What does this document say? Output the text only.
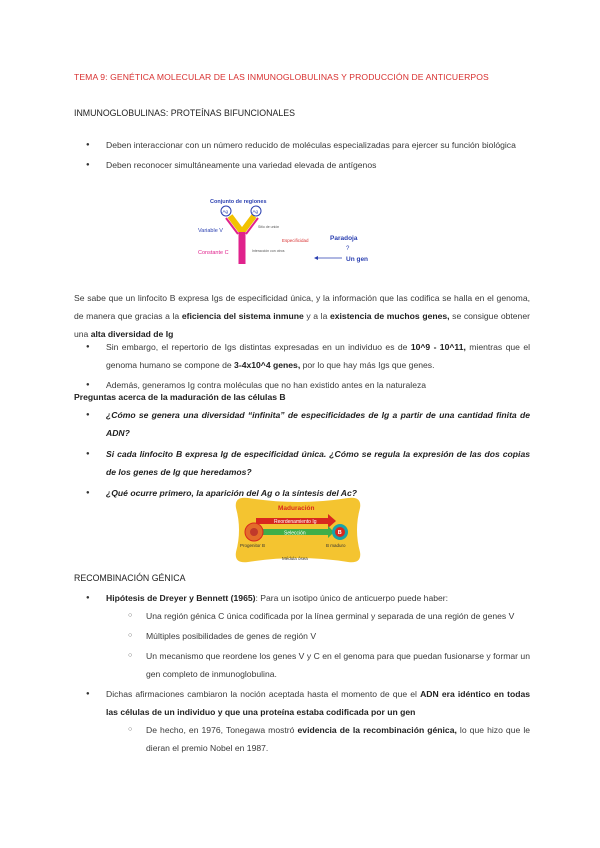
TEMA 9: GENÉTICA MOLECULAR DE LAS INMUNOGLOBULINAS Y PRODUCCIÓN DE ANTICUERPOS
INMUNOGLOBULINAS: PROTEÍNAS BIFUNCIONALES
● Deben interaccionar con un número reducido de moléculas especializadas para ejercer su función biológica
● Deben reconocer simultáneamente una variedad elevada de antígenos
Conjunto de regiones
Ag	Ag
Variable V
Constante C
Sitio de unión
Interacción con otros
Especificidad	Paradoja
?
Un gen
Se sabe que un linfocito B expresa Igs de especificidad única, y la información que las codifica se halla en el genoma, de manera que gracias a la eficiencia del sistema inmune y a la existencia de muchos genes, se consigue obtener una alta diversidad de Ig
● Sin embargo, el repertorio de Igs distintas expresadas en un individuo es de 10^9 - 10^11, mientras que el genoma humano se compone de 3-4x10^4 genes, por lo que hay más Igs que genes.
● Además, generamos Ig contra moléculas que no han existido antes en la naturaleza
Preguntas acerca de la maduración de las células B
● ¿Cómo se genera una diversidad “infinita” de especificidades de Ig a partir de una cantidad finita de ADN?
● Si cada linfocito B expresa Ig de especificidad única. ¿Cómo se regula la expresión de las dos copias de los genes de Ig que heredamos?
● ¿Qué ocurre primero, la aparición del Ag o la síntesis del Ac?
Maduración
Reordenamiento Ig
Selección	B
Progenitor B	B maduro
Médula ósea
RECOMBINACIÓN GÉNICA
● Hipótesis de Dreyer y Bennett (1965): Para un isotipo único de anticuerpo puede haber:
○ Una región génica C única codificada por la línea germinal y separada de una región de genes V
○ Múltiples posibilidades de genes de región V
○ Un mecanismo que reordene los genes V y C en el genoma para que puedan fusionarse y formar un gen completo de inmunoglobulina.
● Dichas afirmaciones cambiaron la noción aceptada hasta el momento de que el ADN era idéntico en todas las células de un individuo y que una proteína estaba codificada por un gen
○ De hecho, en 1976, Tonegawa mostró evidencia de la recombinación génica, lo que hizo que le dieran el premio Nobel en 1987.
